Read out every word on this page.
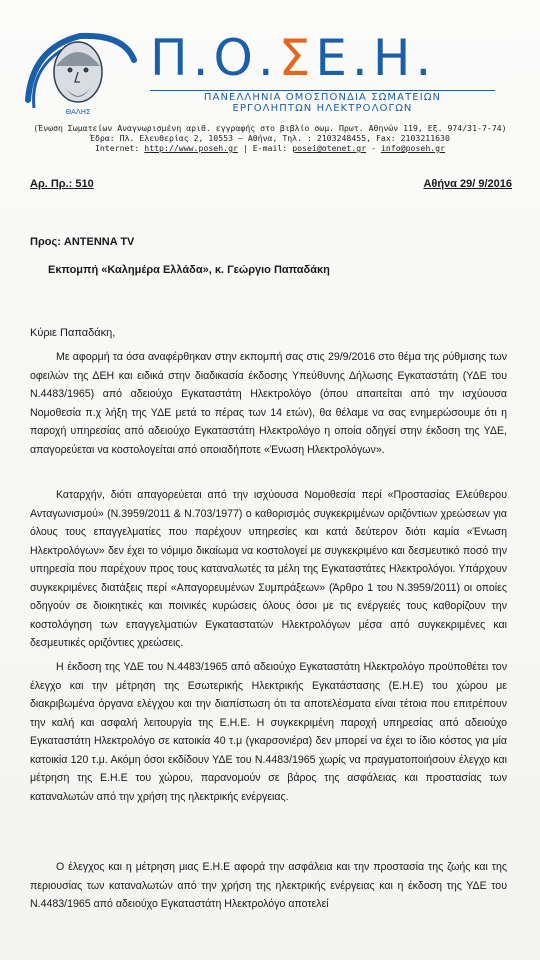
ΘΑΛΗΣ
Π.Ο.ΣΕ.Η.
ΠΑΝΕΛΛΗΝΙΑ ΟΜΟΣΠΟΝΔΙΑ ΣΩΜΑΤΕΙΩΝ
ΕΡΓΟΛΗΠΤΩΝ ΗΛΕΚΤΡΟΛΟΓΩΝ
(Ένωση Σωματείων Αναγνωρισμένη αριθ. εγγραφής στο βιβλίο σωμ. Πρωτ. Αθηνών 119, Εξ. 974/31-7-74)
Έδρα: Πλ. Ελευθερίας 2, 10553 – Αθήνα, Τηλ. : 2103248455, Fax: 2103211630
Internet: http://www.poseh.gr | E-mail: posei@otenet.gr - info@poseh.gr
Αρ. Πρ.: 510	Αθήνα 29/ 9/2016
Προς: ANTENNA TV
Εκπομπή «Καλημέρα Ελλάδα», κ. Γεώργιο Παπαδάκη
Κύριε Παπαδάκη,

Με αφορμή τα όσα αναφέρθηκαν στην εκπομπή σας στις 29/9/2016 στο θέμα της ρύθμισης των οφειλών της ΔΕΗ και ειδικά στην διαδικασία έκδοσης Υπεύθυνης Δήλωσης Εγκαταστάτη (ΥΔΕ του Ν.4483/1965) από αδειούχο Εγκαταστάτη Ηλεκτρολόγο (όπου απαιτείται από την ισχύουσα Νομοθεσία π.χ λήξη της ΥΔΕ μετά το πέρας των 14 ετών), θα θέλαμε να σας ενημερώσουμε ότι η παροχή υπηρεσίας από αδειούχο Εγκαταστάτη Ηλεκτρολόγο η οποία οδηγεί στην έκδοση της ΥΔΕ, απαγορεύεται να κοστολογείται από οποιαδήποτε «Ένωση Ηλεκτρολόγων».

Καταρχήν, διότι απαγορεύεται από την ισχύουσα Νομοθεσία περί «Προστασίας Ελεύθερου Ανταγωνισμού» (Ν.3959/2011 & Ν.703/1977) ο καθορισμός συγκεκριμένων οριζόντιων χρεώσεων για όλους τους επαγγελματίες που παρέχουν υπηρεσίες και κατά δεύτερον διότι καμία «Ένωση Ηλεκτρολόγων» δεν έχει το νόμιμο δικαίωμα να κοστολογεί με συγκεκριμένο και δεσμευτικό ποσό την υπηρεσία που παρέχουν προς τους καταναλωτές τα μέλη της Εγκαταστάτες Ηλεκτρολόγοι. Υπάρχουν συγκεκριμένες διατάξεις περί «Απαγορευμένων Συμπράξεων» (Άρθρο 1 του Ν.3959/2011) οι οποίες οδηγούν σε διοικητικές και ποινικές κυρώσεις όλους όσοι με τις ενέργειές τους καθορίζουν την κοστολόγηση των επαγγελματιών Εγκαταστατών Ηλεκτρολόγων μέσα από συγκεκριμένες και δεσμευτικές οριζόντιες χρεώσεις.

Η έκδοση της ΥΔΕ του Ν.4483/1965 από αδειούχο Εγκαταστάτη Ηλεκτρολόγο προϋποθέτει τον έλεγχο και την μέτρηση της Εσωτερικής Ηλεκτρικής Εγκατάστασης (Ε.Η.Ε) του χώρου με διακριβωμένα όργανα ελέγχου και την διαπίστωση ότι τα αποτελέσματα είναι τέτοια που επιτρέπουν την καλή και ασφαλή λειτουργία της Ε.Η.Ε. Η συγκεκριμένη παροχή υπηρεσίας από αδειούχο Εγκαταστάτη Ηλεκτρολόγο σε κατοικία 40 τ.μ (γκαρσονιέρα) δεν μπορεί να έχει το ίδιο κόστος για μία κατοικία 120 τ.μ. Ακόμη όσοι εκδίδουν ΥΔΕ του Ν.4483/1965 χωρίς να πραγματοποιήσουν έλεγχο και μέτρηση της Ε.Η.Ε του χώρου, παρανομούν σε βάρος της ασφάλειας και προστασίας των καταναλωτών από την χρήση της ηλεκτρικής ενέργειας.

Ο έλεγχος και η μέτρηση μιας Ε.Η.Ε αφορά την ασφάλεια και την προστασία της ζωής και της περιουσίας των καταναλωτών από την χρήση της ηλεκτρικής ενέργειας και η έκδοση της ΥΔΕ του Ν.4483/1965 από αδειούχο Εγκαταστάτη Ηλεκτρολόγο αποτελεί
